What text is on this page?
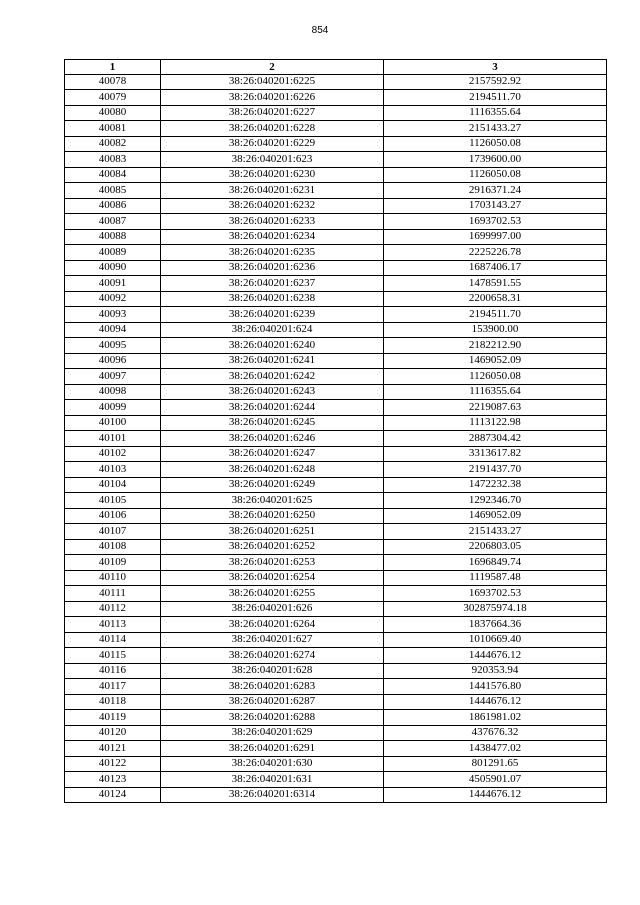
854
1	2	3
40078	38:26:040201:6225	2157592.92
40079	38:26:040201:6226	2194511.70
40080	38:26:040201:6227	1116355.64
40081	38:26:040201:6228	2151433.27
40082	38:26:040201:6229	1126050.08
40083	38:26:040201:623	1739600.00
40084	38:26:040201:6230	1126050.08
40085	38:26:040201:6231	2916371.24
40086	38:26:040201:6232	1703143.27
40087	38:26:040201:6233	1693702.53
40088	38:26:040201:6234	1699997.00
40089	38:26:040201:6235	2225226.78
40090	38:26:040201:6236	1687406.17
40091	38:26:040201:6237	1478591.55
40092	38:26:040201:6238	2200658.31
40093	38:26:040201:6239	2194511.70
40094	38:26:040201:624	153900.00
40095	38:26:040201:6240	2182212.90
40096	38:26:040201:6241	1469052.09
40097	38:26:040201:6242	1126050.08
40098	38:26:040201:6243	1116355.64
40099	38:26:040201:6244	2219087.63
40100	38:26:040201:6245	1113122.98
40101	38:26:040201:6246	2887304.42
40102	38:26:040201:6247	3313617.82
40103	38:26:040201:6248	2191437.70
40104	38:26:040201:6249	1472232.38
40105	38:26:040201:625	1292346.70
40106	38:26:040201:6250	1469052.09
40107	38:26:040201:6251	2151433.27
40108	38:26:040201:6252	2206803.05
40109	38:26:040201:6253	1696849.74
40110	38:26:040201:6254	1119587.48
40111	38:26:040201:6255	1693702.53
40112	38:26:040201:626	302875974.18
40113	38:26:040201:6264	1837664.36
40114	38:26:040201:627	1010669.40
40115	38:26:040201:6274	1444676.12
40116	38:26:040201:628	920353.94
40117	38:26:040201:6283	1441576.80
40118	38:26:040201:6287	1444676.12
40119	38:26:040201:6288	1861981.02
40120	38:26:040201:629	437676.32
40121	38:26:040201:6291	1438477.02
40122	38:26:040201:630	801291.65
40123	38:26:040201:631	4505901.07
40124	38:26:040201:6314	1444676.12
